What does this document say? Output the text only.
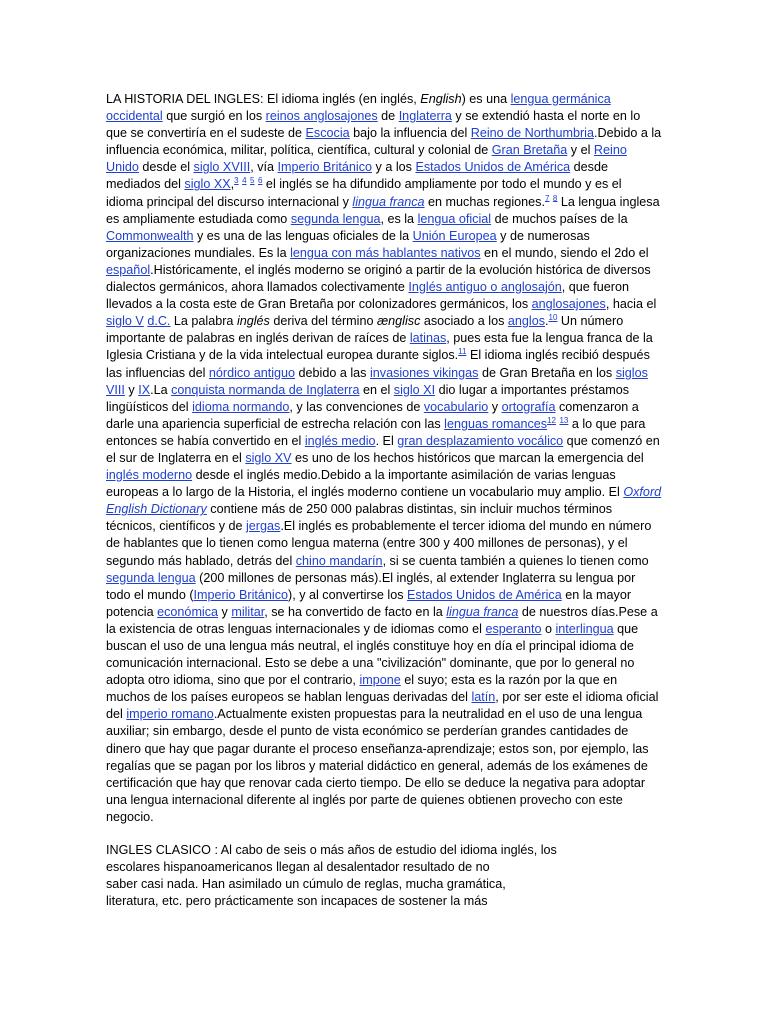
LA HISTORIA DEL INGLES: El idioma inglés (en inglés, English) es una lengua germánica occidental que surgió en los reinos anglosajones de Inglaterra y se extendió hasta el norte en lo que se convertiría en el sudeste de Escocia bajo la influencia del Reino de Northumbria.Debido a la influencia económica, militar, política, científica, cultural y colonial de Gran Bretaña y el Reino Unido desde el siglo XVIII, vía Imperio Británico y a los Estados Unidos de América desde mediados del siglo XX,$^3$ $^4$ $^5$ $^6$ el inglés se ha difundido ampliamente por todo el mundo y es el idioma principal del discurso internacional y lingua franca en muchas regiones.$^7$ $^8$ La lengua inglesa es ampliamente estudiada como segunda lengua, es la lengua oficial de muchos países de la Commonwealth y es una de las lenguas oficiales de la Unión Europea y de numerosas organizaciones mundiales. Es la lengua con más hablantes nativos en el mundo, siendo el 2do el español.Históricamente, el inglés moderno se originó a partir de la evolución histórica de diversos dialectos germánicos, ahora llamados colectivamente Inglés antiguo o anglosajón, que fueron llevados a la costa este de Gran Bretaña por colonizadores germánicos, los anglosajones, hacia el siglo V d.C. La palabra inglés deriva del término ænglisc asociado a los anglos.$^{10}$ Un número importante de palabras en inglés derivan de raíces de latinas, pues esta fue la lengua franca de la Iglesia Cristiana y de la vida intelectual europea durante siglos.$^{11}$ El idioma inglés recibió después las influencias del nórdico antiguo debido a las invasiones vikingas de Gran Bretaña en los siglos VIII y IX.La conquista normanda de Inglaterra en el siglo XI dio lugar a importantes préstamos lingüísticos del idioma normando, y las convenciones de vocabulario y ortografía comenzaron a darle una apariencia superficial de estrecha relación con las lenguas romances$^{12}$ $^{13}$ a lo que para entonces se había convertido en el inglés medio. El gran desplazamiento vocálico que comenzó en el sur de Inglaterra en el siglo XV es uno de los hechos históricos que marcan la emergencia del inglés moderno desde el inglés medio.Debido a la importante asimilación de varias lenguas europeas a lo largo de la Historia, el inglés moderno contiene un vocabulario muy amplio. El Oxford English Dictionary contiene más de 250 000 palabras distintas, sin incluir muchos términos técnicos, científicos y de jergas.El inglés es probablemente el tercer idioma del mundo en número de hablantes que lo tienen como lengua materna (entre 300 y 400 millones de personas), y el segundo más hablado, detrás del chino mandarín, si se cuenta también a quienes lo tienen como segunda lengua (200 millones de personas más).El inglés, al extender Inglaterra su lengua por todo el mundo (Imperio Británico), y al convertirse los Estados Unidos de América en la mayor potencia económica y militar, se ha convertido de facto en la lingua franca de nuestros días.Pese a la existencia de otras lenguas internacionales y de idiomas como el esperanto o interlingua que buscan el uso de una lengua más neutral, el inglés constituye hoy en día el principal idioma de comunicación internacional. Esto se debe a una "civilización" dominante, que por lo general no adopta otro idioma, sino que por el contrario, impone el suyo; esta es la razón por la que en muchos de los países europeos se hablan lenguas derivadas del latín, por ser este el idioma oficial del imperio romano.Actualmente existen propuestas para la neutralidad en el uso de una lengua auxiliar; sin embargo, desde el punto de vista económico se perderían grandes cantidades de dinero que hay que pagar durante el proceso enseñanza-aprendizaje; estos son, por ejemplo, las regalías que se pagan por los libros y material didáctico en general, además de los exámenes de certificación que hay que renovar cada cierto tiempo. De ello se deduce la negativa para adoptar una lengua internacional diferente al inglés por parte de quienes obtienen provecho con este negocio.

INGLES CLASICO : Al cabo de seis o más años de estudio del idioma inglés, los
escolares hispanoamericanos llegan al desalentador resultado de no
saber casi nada. Han asimilado un cúmulo de reglas, mucha gramática,
literatura, etc. pero prácticamente son incapaces de sostener la más
